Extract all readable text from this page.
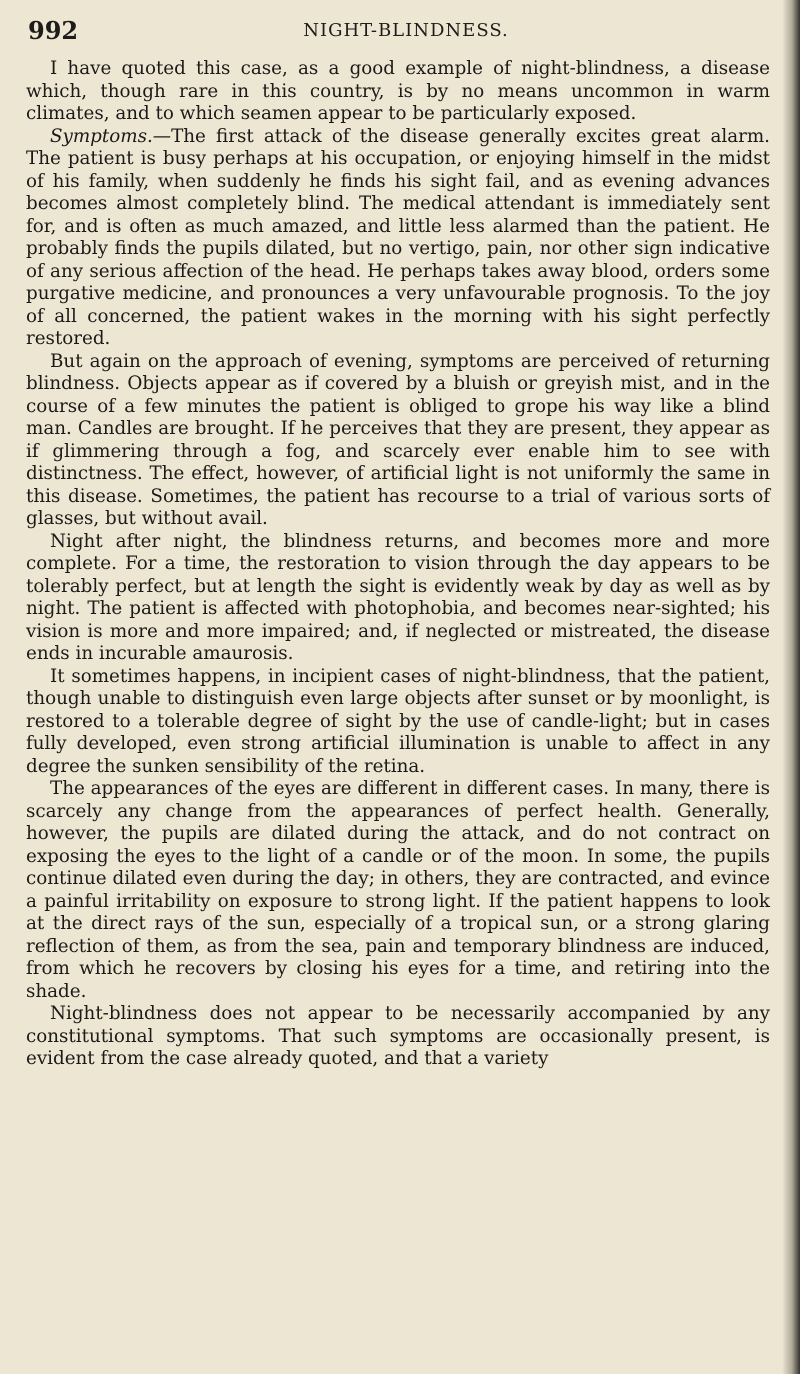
992	NIGHT-BLINDNESS.

I have quoted this case, as a good example of night-blindness, a disease which, though rare in this country, is by no means uncommon in warm climates, and to which seamen appear to be particularly exposed.

Symptoms.—The first attack of the disease generally excites great alarm. The patient is busy perhaps at his occupation, or enjoying himself in the midst of his family, when suddenly he finds his sight fail, and as evening advances becomes almost completely blind. The medical attendant is immediately sent for, and is often as much amazed, and little less alarmed than the patient. He probably finds the pupils dilated, but no vertigo, pain, nor other sign indicative of any serious affection of the head. He perhaps takes away blood, orders some purgative medicine, and pronounces a very unfavourable prognosis. To the joy of all concerned, the patient wakes in the morning with his sight perfectly restored.

But again on the approach of evening, symptoms are perceived of returning blindness. Objects appear as if covered by a bluish or greyish mist, and in the course of a few minutes the patient is obliged to grope his way like a blind man. Candles are brought. If he perceives that they are present, they appear as if glimmering through a fog, and scarcely ever enable him to see with distinctness. The effect, however, of artificial light is not uniformly the same in this disease. Sometimes, the patient has recourse to a trial of various sorts of glasses, but without avail.

Night after night, the blindness returns, and becomes more and more complete. For a time, the restoration to vision through the day appears to be tolerably perfect, but at length the sight is evidently weak by day as well as by night. The patient is affected with photophobia, and becomes near-sighted; his vision is more and more impaired; and, if neglected or mistreated, the disease ends in incurable amaurosis.

It sometimes happens, in incipient cases of night-blindness, that the patient, though unable to distinguish even large objects after sunset or by moonlight, is restored to a tolerable degree of sight by the use of candle-light; but in cases fully developed, even strong artificial illumination is unable to affect in any degree the sunken sensibility of the retina.

The appearances of the eyes are different in different cases. In many, there is scarcely any change from the appearances of perfect health. Generally, however, the pupils are dilated during the attack, and do not contract on exposing the eyes to the light of a candle or of the moon. In some, the pupils continue dilated even during the day; in others, they are contracted, and evince a painful irritability on exposure to strong light. If the patient happens to look at the direct rays of the sun, especially of a tropical sun, or a strong glaring reflection of them, as from the sea, pain and temporary blindness are induced, from which he recovers by closing his eyes for a time, and retiring into the shade.

Night-blindness does not appear to be necessarily accompanied by any constitutional symptoms. That such symptoms are occasionally present, is evident from the case already quoted, and that a variety
